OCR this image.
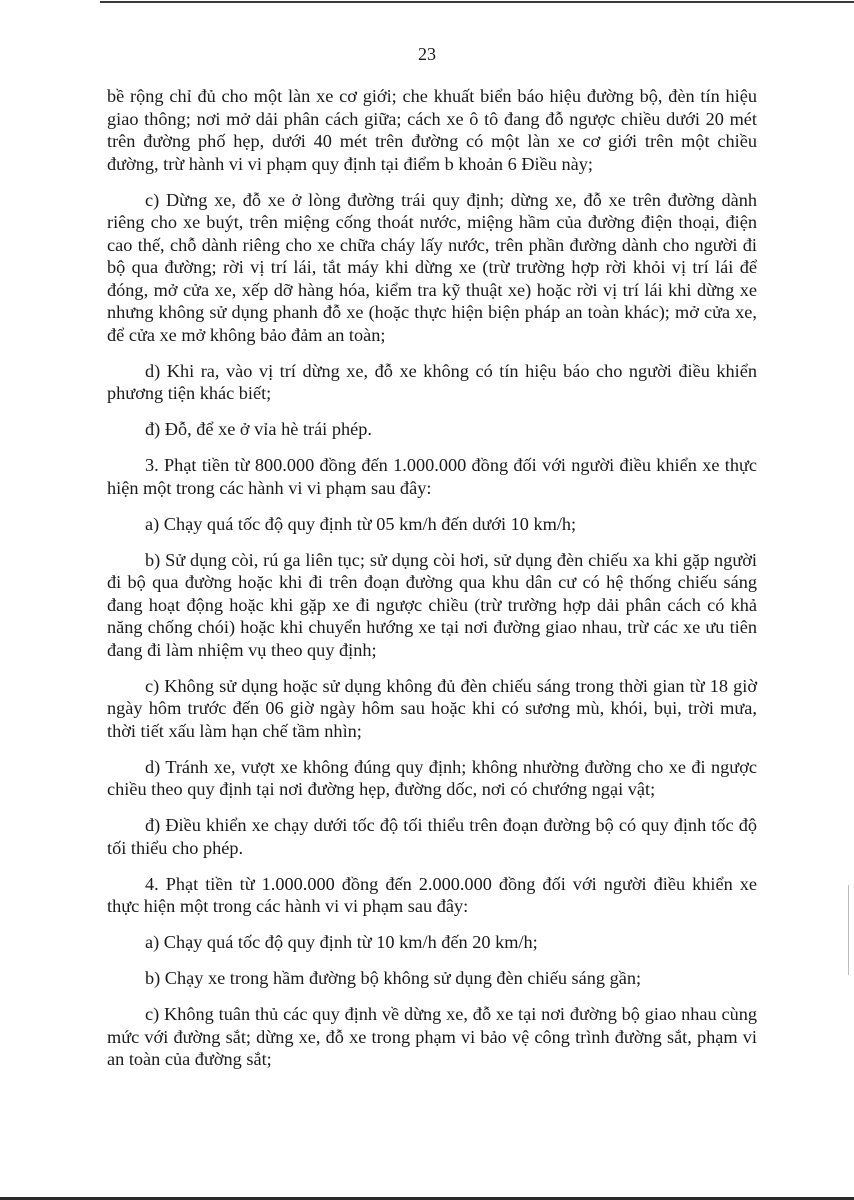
23

bề rộng chỉ đủ cho một làn xe cơ giới; che khuất biển báo hiệu đường bộ, đèn tín hiệu giao thông; nơi mở dải phân cách giữa; cách xe ô tô đang đỗ ngược chiều dưới 20 mét trên đường phố hẹp, dưới 40 mét trên đường có một làn xe cơ giới trên một chiều đường, trừ hành vi vi phạm quy định tại điểm b khoản 6 Điều này;

c) Dừng xe, đỗ xe ở lòng đường trái quy định; dừng xe, đỗ xe trên đường dành riêng cho xe buýt, trên miệng cống thoát nước, miệng hầm của đường điện thoại, điện cao thế, chỗ dành riêng cho xe chữa cháy lấy nước, trên phần đường dành cho người đi bộ qua đường; rời vị trí lái, tắt máy khi dừng xe (trừ trường hợp rời khỏi vị trí lái để đóng, mở cửa xe, xếp dỡ hàng hóa, kiểm tra kỹ thuật xe) hoặc rời vị trí lái khi dừng xe nhưng không sử dụng phanh đỗ xe (hoặc thực hiện biện pháp an toàn khác); mở cửa xe, để cửa xe mở không bảo đảm an toàn;

d) Khi ra, vào vị trí dừng xe, đỗ xe không có tín hiệu báo cho người điều khiển phương tiện khác biết;

đ) Đỗ, để xe ở vỉa hè trái phép.

3. Phạt tiền từ 800.000 đồng đến 1.000.000 đồng đối với người điều khiển xe thực hiện một trong các hành vi vi phạm sau đây:

a) Chạy quá tốc độ quy định từ 05 km/h đến dưới 10 km/h;

b) Sử dụng còi, rú ga liên tục; sử dụng còi hơi, sử dụng đèn chiếu xa khi gặp người đi bộ qua đường hoặc khi đi trên đoạn đường qua khu dân cư có hệ thống chiếu sáng đang hoạt động hoặc khi gặp xe đi ngược chiều (trừ trường hợp dải phân cách có khả năng chống chói) hoặc khi chuyển hướng xe tại nơi đường giao nhau, trừ các xe ưu tiên đang đi làm nhiệm vụ theo quy định;

c) Không sử dụng hoặc sử dụng không đủ đèn chiếu sáng trong thời gian từ 18 giờ ngày hôm trước đến 06 giờ ngày hôm sau hoặc khi có sương mù, khói, bụi, trời mưa, thời tiết xấu làm hạn chế tầm nhìn;

d) Tránh xe, vượt xe không đúng quy định; không nhường đường cho xe đi ngược chiều theo quy định tại nơi đường hẹp, đường dốc, nơi có chướng ngại vật;

đ) Điều khiển xe chạy dưới tốc độ tối thiểu trên đoạn đường bộ có quy định tốc độ tối thiểu cho phép.

4. Phạt tiền từ 1.000.000 đồng đến 2.000.000 đồng đối với người điều khiển xe thực hiện một trong các hành vi vi phạm sau đây:

a) Chạy quá tốc độ quy định từ 10 km/h đến 20 km/h;

b) Chạy xe trong hầm đường bộ không sử dụng đèn chiếu sáng gần;

c) Không tuân thủ các quy định về dừng xe, đỗ xe tại nơi đường bộ giao nhau cùng mức với đường sắt; dừng xe, đỗ xe trong phạm vi bảo vệ công trình đường sắt, phạm vi an toàn của đường sắt;
